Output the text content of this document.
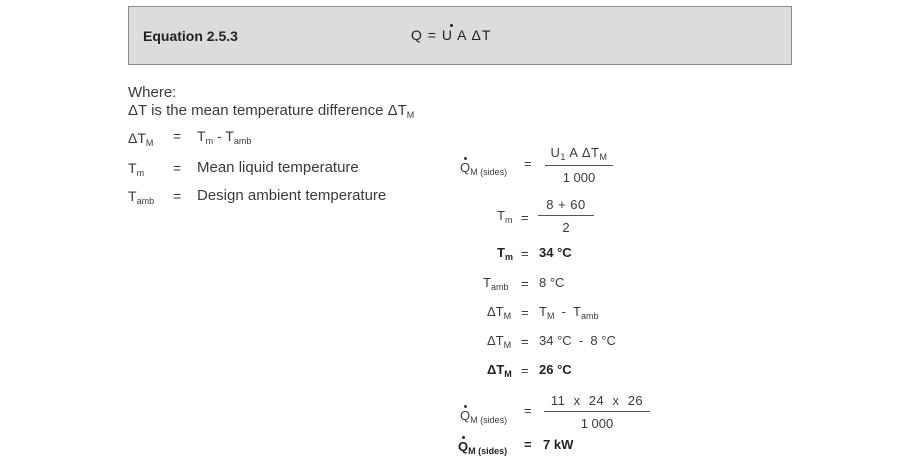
Equation 2.5.3	Q = U A ΔT
Where:
ΔT is the mean temperature difference $\Delta T_M$
$\Delta T_M = T_m - T_{amb}$
$T_m$ = Mean liquid temperature
$T_{amb}$ = Design ambient temperature
$Q_{M (sides)}$
=
$U_1$ A $\Delta T_M$
1 000
$T_m = \frac{8 + 60}{2}$
$T_m = 34$ °C
$T_{amb} = 8$ °C
$\Delta T_M = T_M - T_{amb}$
$\Delta T_M = 34$ °C  -  8 °C
$\Delta T_M = 26$ °C
$Q_{M (sides)}$
= $\frac{11 x 24 x 26}{1 000}$
$Q_{M (sides)} = 7$ kW
